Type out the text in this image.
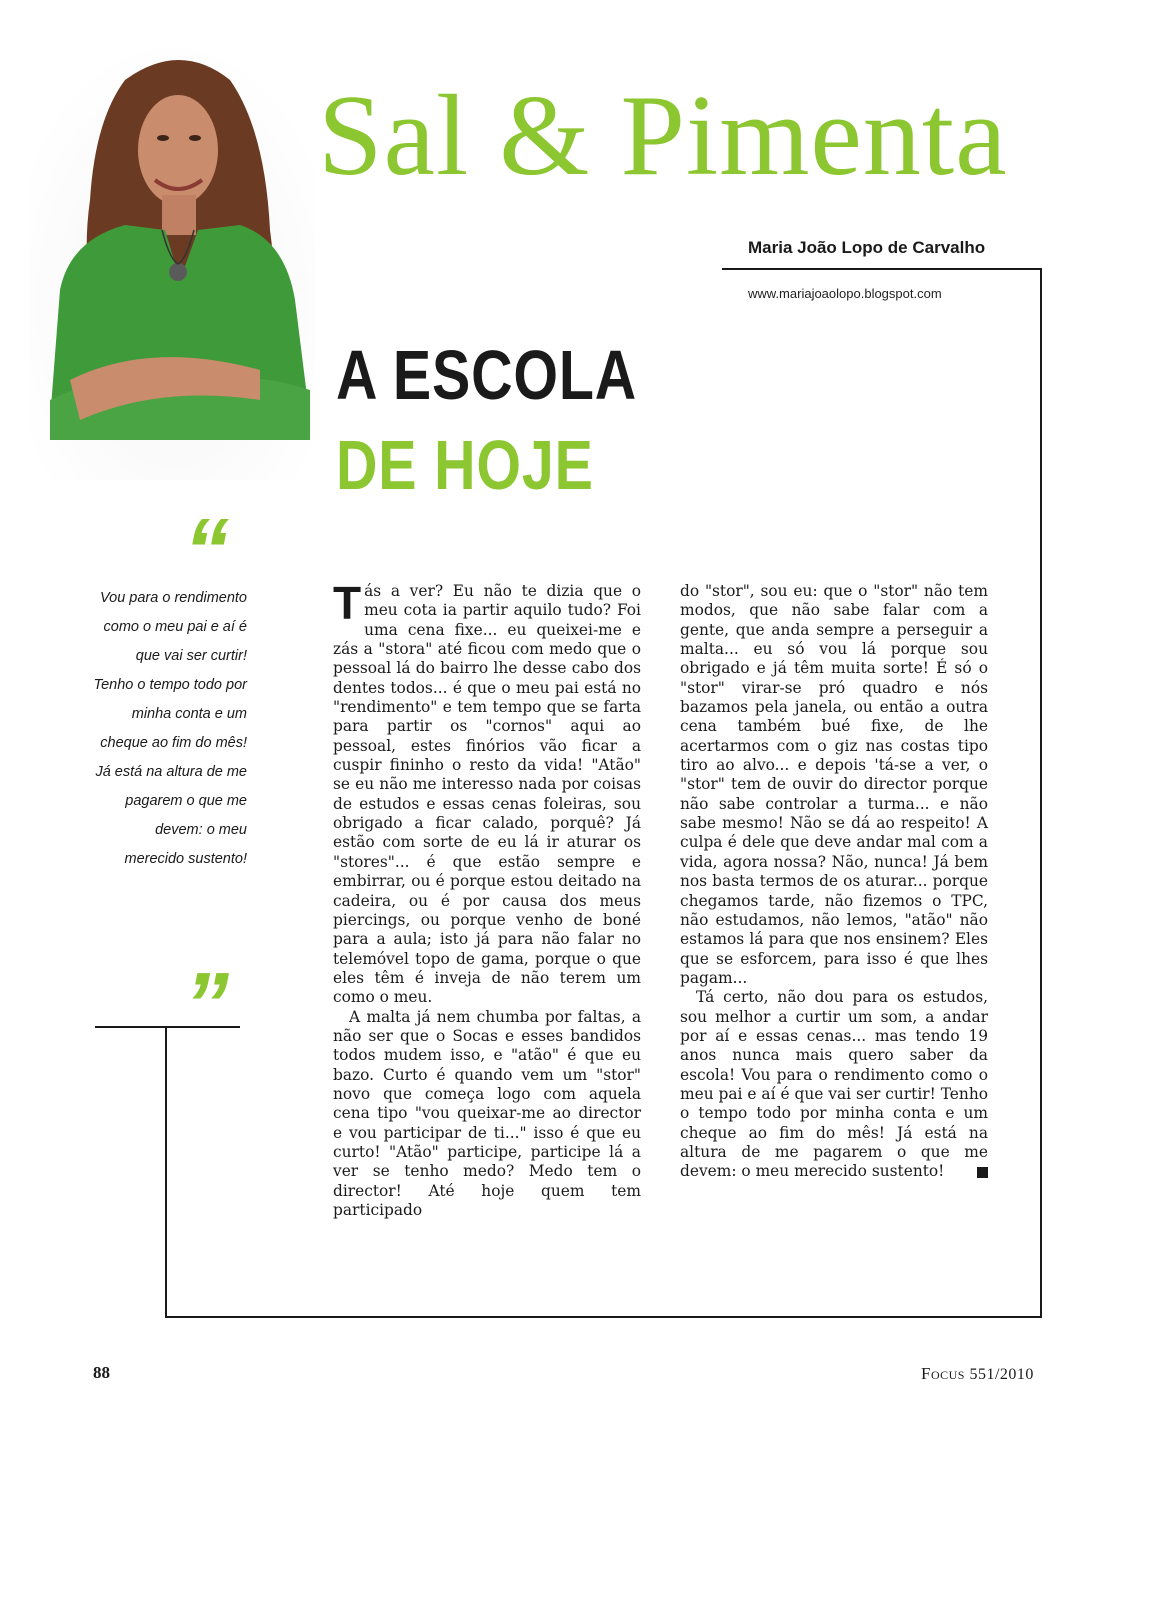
Sal & Pimenta
Maria João Lopo de Carvalho
www.mariajoaolopo.blogspot.com
A ESCOLA
DE HOJE
“
Vou para o rendimento como o meu pai e aí é que vai ser curtir! Tenho o tempo todo por minha conta e um cheque ao fim do mês! Já está na altura de me pagarem o que me devem: o meu merecido sustento!
”

Tás a ver? Eu não te dizia que o meu cota ia partir aquilo tudo? Foi uma cena fixe... eu queixei-me e zás a "stora" até ficou com medo que o pessoal lá do bairro lhe desse cabo dos dentes todos... é que o meu pai está no "rendimento" e tem tempo que se farta para partir os "cornos" aqui ao pessoal, estes finórios vão ficar a cuspir fininho o resto da vida! "Atão" se eu não me interesso nada por coisas de estudos e essas cenas foleiras, sou obrigado a ficar calado, porquê? Já estão com sorte de eu lá ir aturar os "stores"... é que estão sempre e embirrar, ou é porque estou deitado na cadeira, ou é por causa dos meus piercings, ou porque venho de boné para a aula; isto já para não falar no telemóvel topo de gama, porque o que eles têm é inveja de não terem um como o meu.

A malta já nem chumba por faltas, a não ser que o Socas e esses bandidos todos mudem isso, e "atão" é que eu bazo. Curto é quando vem um "stor" novo que começa logo com aquela cena tipo "vou queixar-me ao director e vou participar de ti..." isso é que eu curto! "Atão" participe, participe lá a ver se tenho medo? Medo tem o director! Até hoje quem tem participado

do "stor", sou eu: que o "stor" não tem modos, que não sabe falar com a gente, que anda sempre a perseguir a malta... eu só vou lá porque sou obrigado e já têm muita sorte! É só o "stor" virar-se pró quadro e nós bazamos pela janela, ou então a outra cena também bué fixe, de lhe acertarmos com o giz nas costas tipo tiro ao alvo... e depois 'tá-se a ver, o "stor" tem de ouvir do director porque não sabe controlar a turma... e não sabe mesmo! Não se dá ao respeito! A culpa é dele que deve andar mal com a vida, agora nossa? Não, nunca! Já bem nos basta termos de os aturar... porque chegamos tarde, não fizemos o TPC, não estudamos, não lemos, "atão" não estamos lá para que nos ensinem? Eles que se esforcem, para isso é que lhes pagam...

Tá certo, não dou para os estudos, sou melhor a curtir um som, a andar por aí e essas cenas... mas tendo 19 anos nunca mais quero saber da escola! Vou para o rendimento como o meu pai e aí é que vai ser curtir! Tenho o tempo todo por minha conta e um cheque ao fim do mês! Já está na altura de me pagarem o que me devem: o meu merecido sustento!

88	Focus 551/2010
